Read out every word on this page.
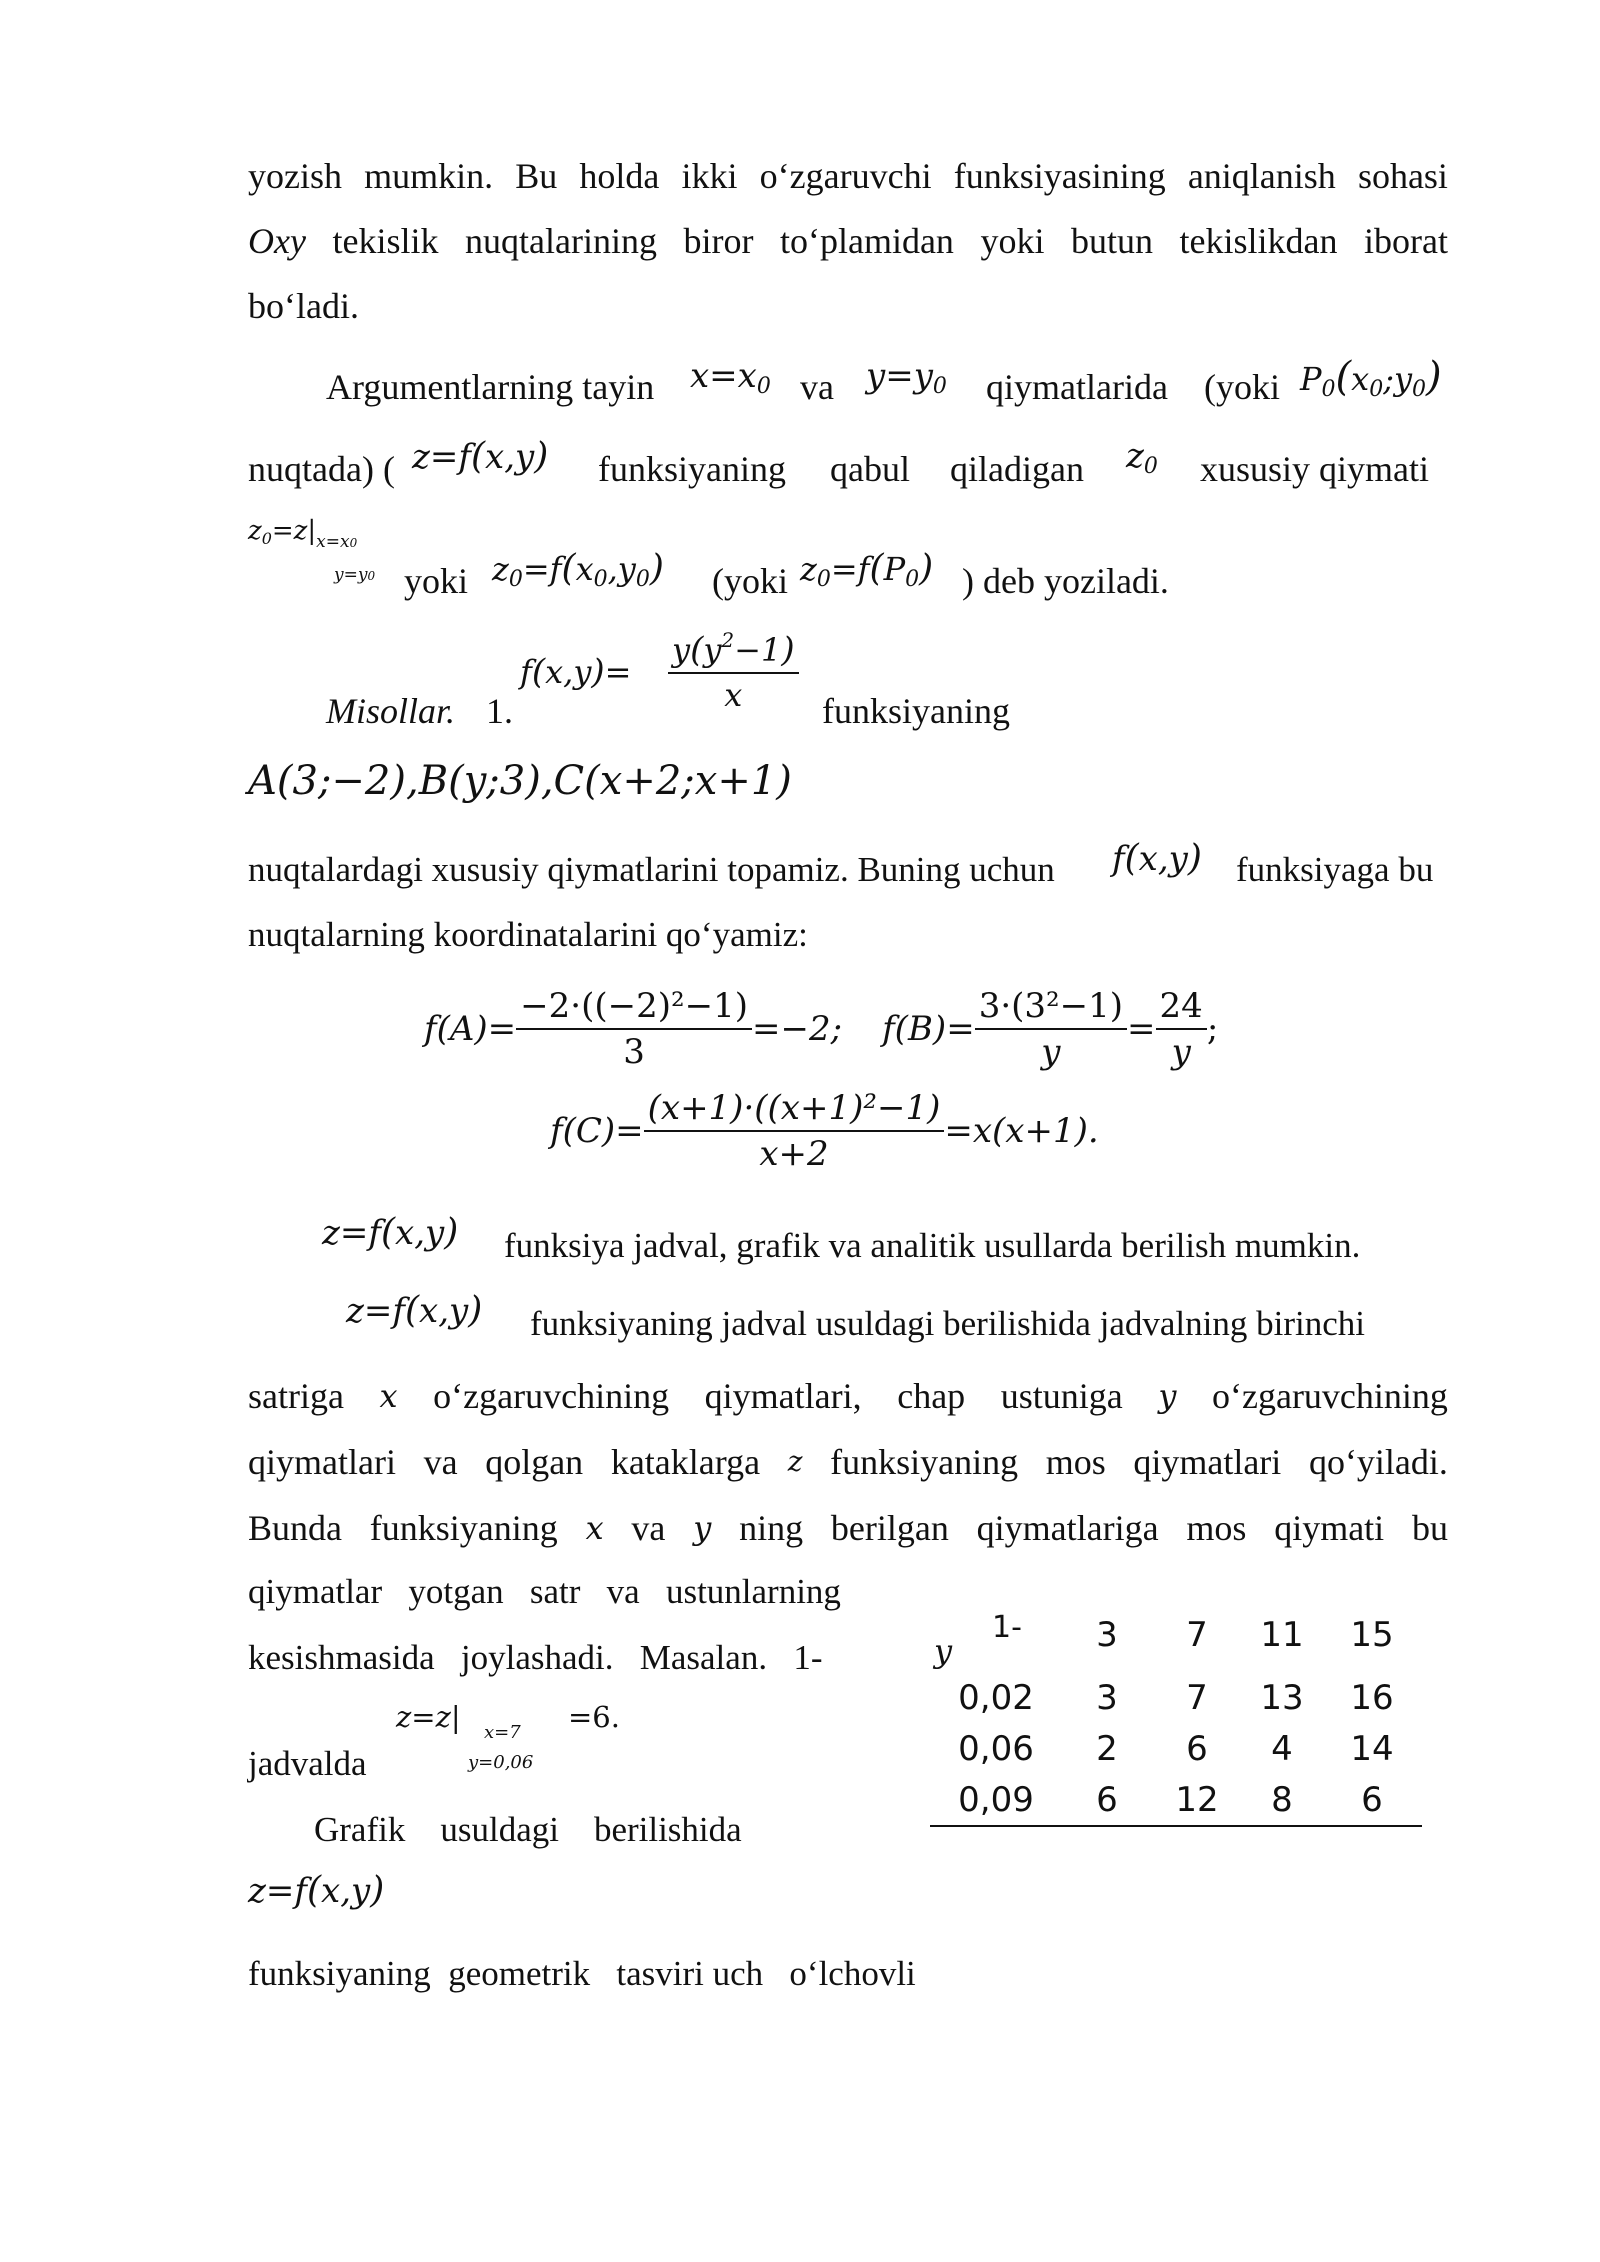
yozish mumkin. Bu holda ikki o‘zgaruvchi funksiyasining aniqlanish sohasi
Oxy tekislik nuqtalarining biror to‘plamidan yoki butun tekislikdan iborat
bo‘ladi.
Argumentlarning tayin $x=x_0$ va $y=y_0$ qiymatlarida (yoki $P_0(x_0;y_0)$
nuqtada) ( z=f(x,y) funksiyaning qabul qiladigan $z_0$ xususiy qiymati
$z0=z|_{x=x0}$
y=y0 yoki $z_0=f(x_0,y_0)$ (yoki $z_0=f(P_0)$ ) deb yoziladi.
Misollar. 1.
$f(x,y)= \frac{y(y^2-1)}{x}$ funksiyaning
A(3;−2),B(y;3),C(x+2;x+1)
nuqtalardagi xususiy qiymatlarini topamiz. Buning uchun f(x,y) funksiyaga bu
nuqtalarning koordinatalarini qo‘yamiz:
$f(A)= \frac{\text{−2·((−2)²−1)}}{3} =-2$; $f(B)= \frac{\text{3·(3²−1)}}{y} = \frac{24}{y}$ ;
$f(C)= \frac{\text{(x+1)·((x+1)²−1)}}{x+2} =x(x+1)$.
z=f(x,y) funksiya jadval, grafik va analitik usullarda berilish mumkin.
z=f(x,y) funksiyaning jadval usuldagi berilishida jadvalning birinchi
satriga x o‘zgaruvchining qiymatlari, chap ustuniga y o‘zgaruvchining
qiymatlari va qolgan kataklarga z funksiyaning mos qiymatlari qo‘yiladi.
Bunda funksiyaning x va y ning berilgan qiymatlariga mos qiymati bu
qiymatlar   yotgan   satr   va   ustunlarning
kesishmasida   joylashadi.   Masalan.   1-
z=z| x=7
y=0,06
=6.
jadvalda
Grafik    usuldagi    berilishida
z=f(x,y)
funksiyaning  geometrik   tasviri uch   o‘lchovli
1-
y	3	7	11	15
0,02	3	7	13	16
0,06	2	6	4	14
0,09	6	12	8	6
